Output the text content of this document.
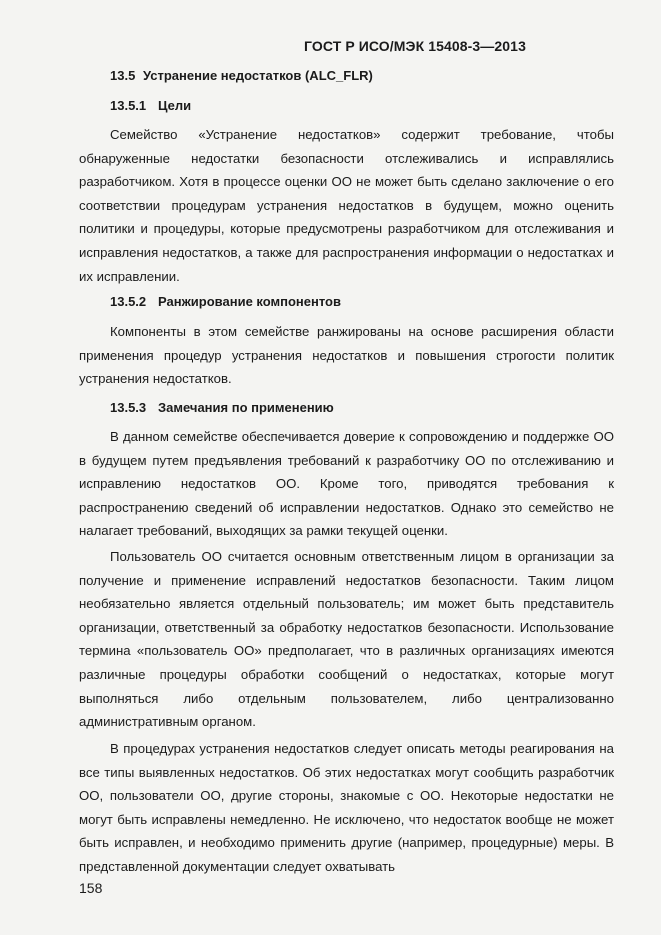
ГОСТ Р ИСО/МЭК 15408-3—2013
13.5 Устранение недостатков (ALC_FLR)
13.5.1 Цели

Семейство «Устранение недостатков» содержит требование, чтобы обнаруженные недостатки безопасности отслеживались и исправлялись разработчиком. Хотя в процессе оценки ОО не может быть сделано заключение о его соответствии процедурам устранения недостатков в будущем, можно оценить политики и процедуры, которые предусмотрены разработчиком для отслеживания и исправления недостатков, а также для распространения информации о недостатках и их исправлении.

13.5.2 Ранжирование компонентов

Компоненты в этом семействе ранжированы на основе расширения области применения процедур устранения недостатков и повышения строгости политик устранения недостатков.

13.5.3 Замечания по применению

В данном семействе обеспечивается доверие к сопровождению и поддержке ОО в будущем путем предъявления требований к разработчику ОО по отслеживанию и исправлению недостатков ОО. Кроме того, приводятся требования к распространению сведений об исправлении недостатков. Однако это семейство не налагает требований, выходящих за рамки текущей оценки.

Пользователь ОО считается основным ответственным лицом в организации за получение и применение исправлений недостатков безопасности. Таким лицом необязательно является отдельный пользователь; им может быть представитель организации, ответственный за обработку недостатков безопасности. Использование термина «пользователь ОО» предполагает, что в различных организациях имеются различные процедуры обработки сообщений о недостатках, которые могут выполняться либо отдельным пользователем, либо централизованно административным органом.

В процедурах устранения недостатков следует описать методы реагирования на все типы выявленных недостатков. Об этих недостатках могут сообщить разработчик ОО, пользователи ОО, другие стороны, знакомые с ОО. Некоторые недостатки не могут быть исправлены немедленно. Не исключено, что недостаток вообще не может быть исправлен, и необходимо применить другие (например, процедурные) меры. В представленной документации следует охватывать

158
